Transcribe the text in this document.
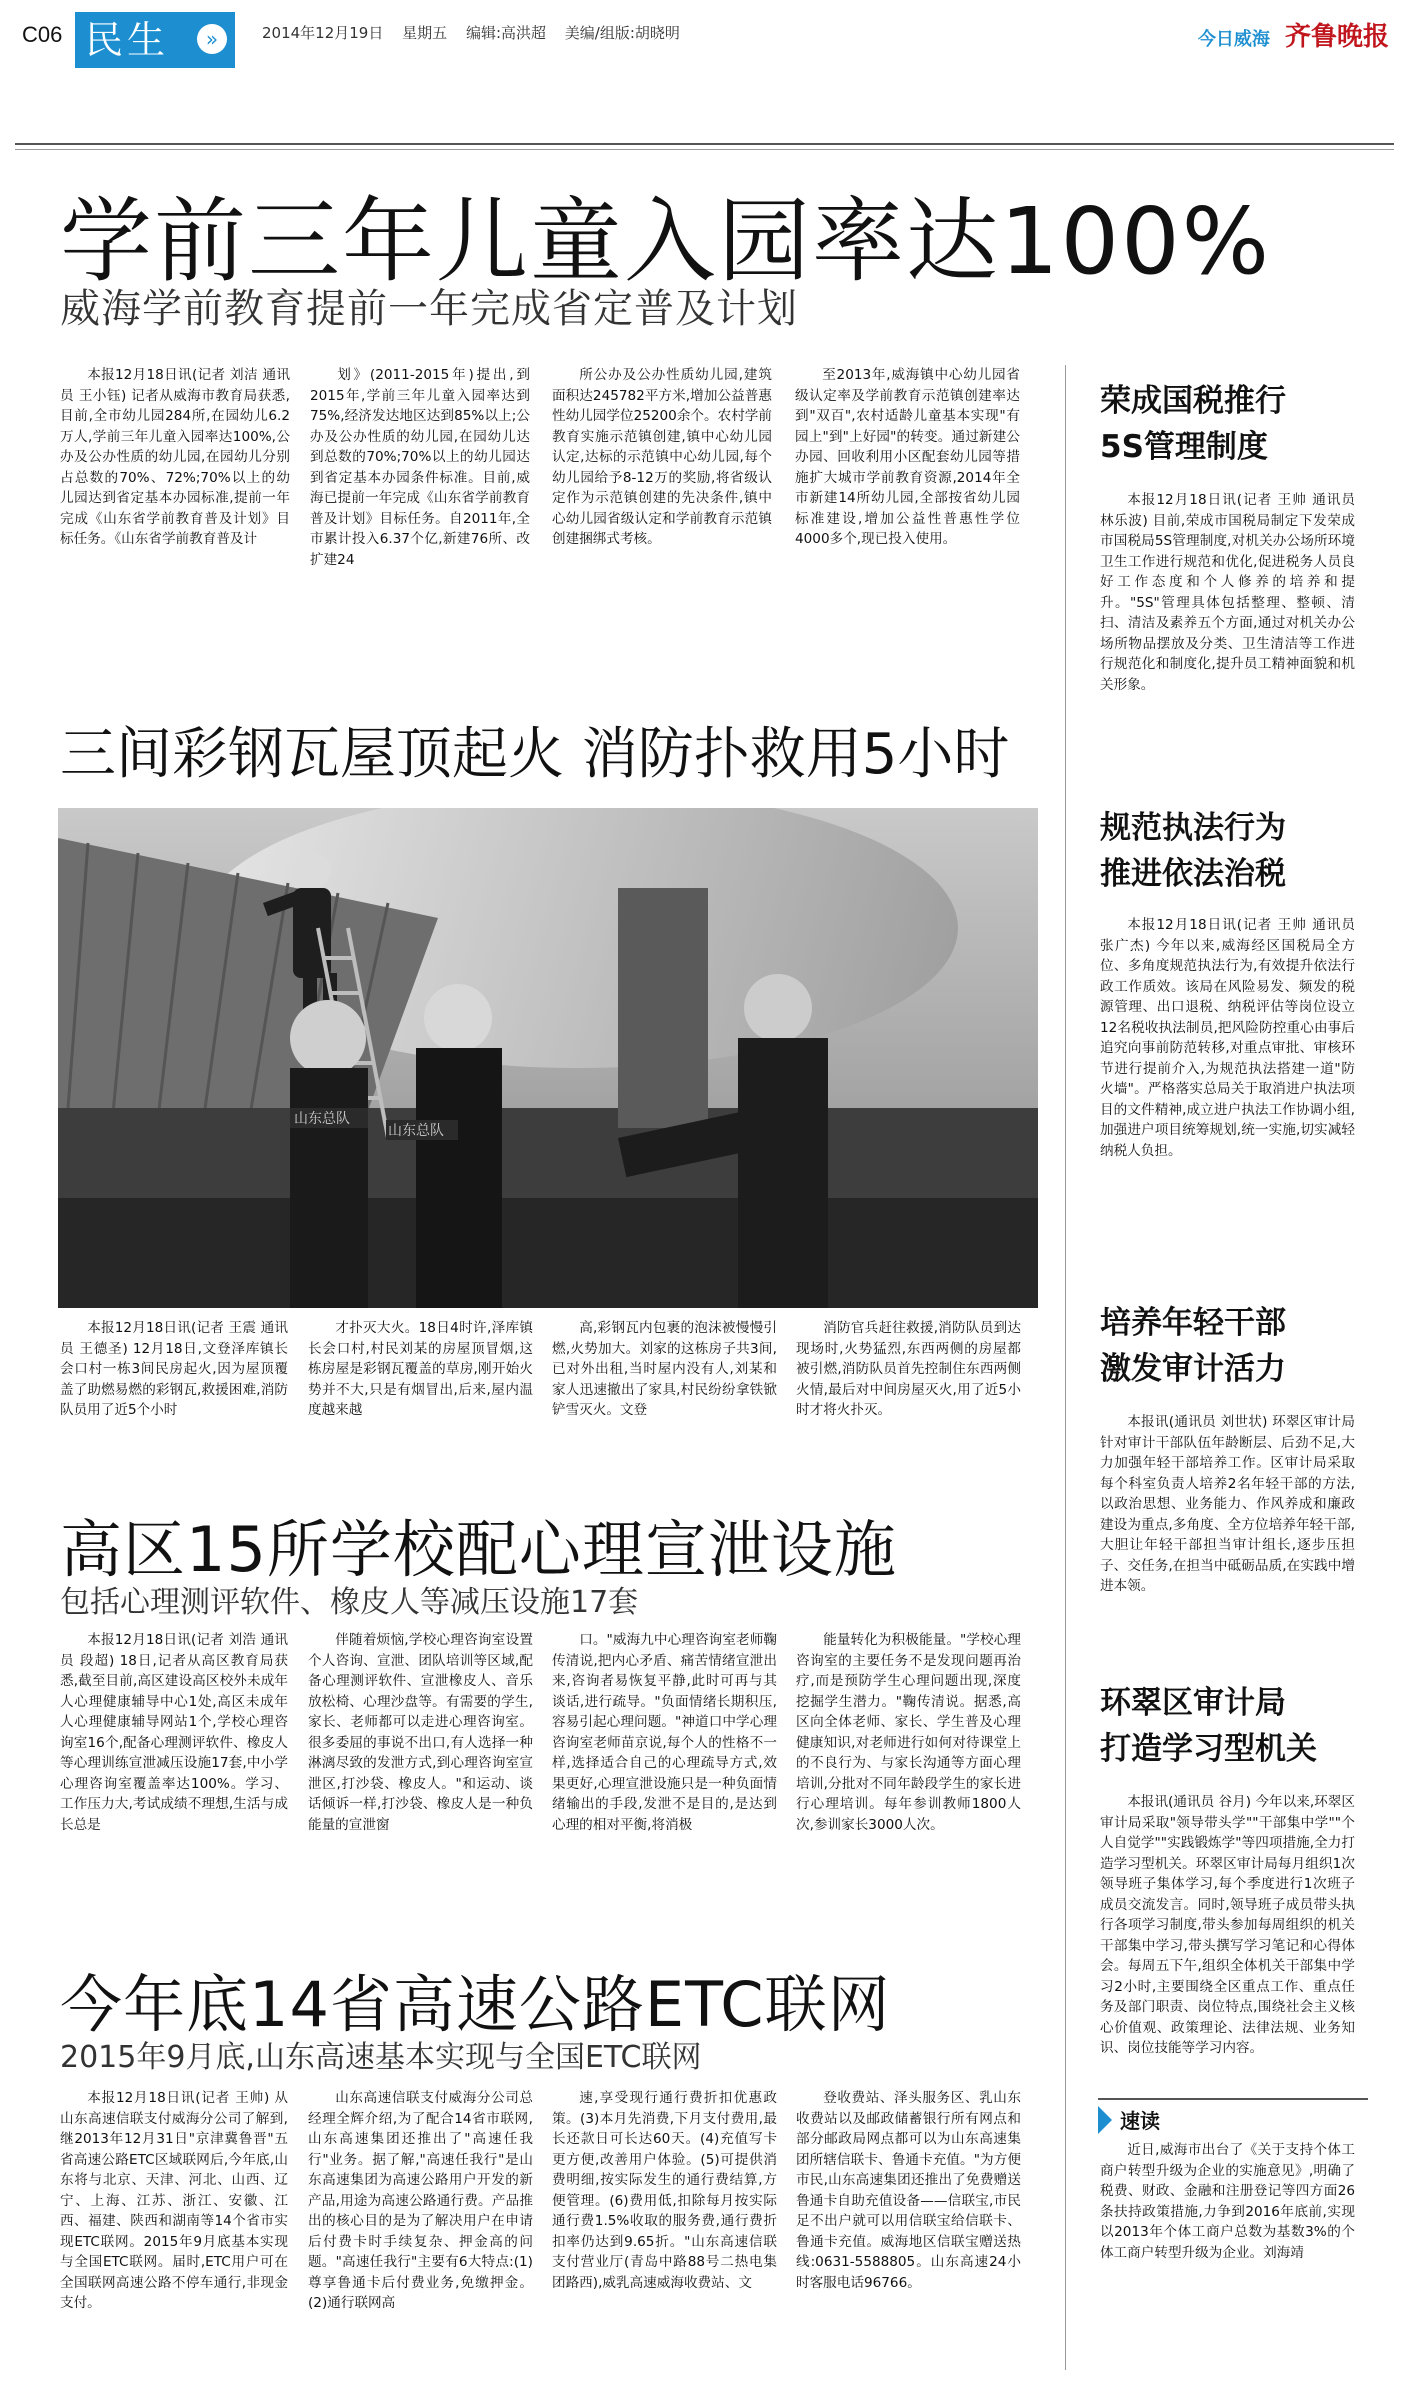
C06 民生	»	2014年12月19日 星期五 编辑:高洪超 美编/组版:胡晓明	今日威海 齐鲁晚报
学前三年儿童入园率达100%
威海学前教育提前一年完成省定普及计划

本报12月18日讯(记者 刘洁 通讯员 王小钰) 记者从威海市教育局获悉,目前,全市幼儿园284所,在园幼儿6.2万人,学前三年儿童入园率达100%,公办及公办性质的幼儿园,在园幼儿分别占总数的70%、72%;70%以上的幼儿园达到省定基本办园标准,提前一年完成《山东省学前教育普及计划》目标任务。《山东省学前教育普及计

划》(2011-2015年)提出,到2015年,学前三年儿童入园率达到75%,经济发达地区达到85%以上;公办及公办性质的幼儿园,在园幼儿达到总数的70%;70%以上的幼儿园达到省定基本办园条件标准。目前,威海已提前一年完成《山东省学前教育普及计划》目标任务。自2011年,全市累计投入6.37个亿,新建76所、改扩建24

所公办及公办性质幼儿园,建筑面积达245782平方米,增加公益普惠性幼儿园学位25200余个。农村学前教育实施示范镇创建,镇中心幼儿园认定,达标的示范镇中心幼儿园,每个幼儿园给予8-12万的奖励,将省级认定作为示范镇创建的先决条件,镇中心幼儿园省级认定和学前教育示范镇创建捆绑式考核。

至2013年,威海镇中心幼儿园省级认定率及学前教育示范镇创建率达到"双百",农村适龄儿童基本实现"有园上"到"上好园"的转变。通过新建公办园、回收利用小区配套幼儿园等措施扩大城市学前教育资源,2014年全市新建14所幼儿园,全部按省幼儿园标准建设,增加公益性普惠性学位4000多个,现已投入使用。

三间彩钢瓦屋顶起火 消防扑救用5小时
山东总队
山东总队

本报12月18日讯(记者 王震 通讯员 王德圣) 12月18日,文登泽库镇长会口村一栋3间民房起火,因为屋顶覆盖了助燃易燃的彩钢瓦,救援困难,消防队员用了近5个小时

才扑灭大火。18日4时许,泽库镇长会口村,村民刘某的房屋顶冒烟,这栋房屋是彩钢瓦覆盖的草房,刚开始火势并不大,只是有烟冒出,后来,屋内温度越来越

高,彩钢瓦内包裹的泡沫被慢慢引燃,火势加大。刘家的这栋房子共3间,已对外出租,当时屋内没有人,刘某和家人迅速撤出了家具,村民纷纷拿铁锨铲雪灭火。文登

消防官兵赶往救援,消防队员到达现场时,火势猛烈,东西两侧的房屋都被引燃,消防队员首先控制住东西两侧火情,最后对中间房屋灭火,用了近5小时才将火扑灭。

高区15所学校配心理宣泄设施
包括心理测评软件、橡皮人等减压设施17套

本报12月18日讯(记者 刘浩 通讯员 段超) 18日,记者从高区教育局获悉,截至目前,高区建设高区校外未成年人心理健康辅导中心1处,高区未成年人心理健康辅导网站1个,学校心理咨询室16个,配备心理测评软件、橡皮人等心理训练宣泄减压设施17套,中小学心理咨询室覆盖率达100%。学习、工作压力大,考试成绩不理想,生活与成长总是

伴随着烦恼,学校心理咨询室设置个人咨询、宣泄、团队培训等区域,配备心理测评软件、宣泄橡皮人、音乐放松椅、心理沙盘等。有需要的学生,家长、老师都可以走进心理咨询室。很多委屈的事说不出口,有人选择一种淋漓尽致的发泄方式,到心理咨询室宣泄区,打沙袋、橡皮人。"和运动、谈话倾诉一样,打沙袋、橡皮人是一种负能量的宣泄窗

口。"威海九中心理咨询室老师鞠传清说,把内心矛盾、痛苦情绪宣泄出来,咨询者易恢复平静,此时可再与其谈话,进行疏导。"负面情绪长期积压,容易引起心理问题。"神道口中学心理咨询室老师苗京说,每个人的性格不一样,选择适合自己的心理疏导方式,效果更好,心理宣泄设施只是一种负面情绪输出的手段,发泄不是目的,是达到心理的相对平衡,将消极

能量转化为积极能量。"学校心理咨询室的主要任务不是发现问题再治疗,而是预防学生心理问题出现,深度挖掘学生潜力。"鞠传清说。据悉,高区向全体老师、家长、学生普及心理健康知识,对老师进行如何对待课堂上的不良行为、与家长沟通等方面心理培训,分批对不同年龄段学生的家长进行心理培训。每年参训教师1800人次,参训家长3000人次。

今年底14省高速公路ETC联网
2015年9月底,山东高速基本实现与全国ETC联网

本报12月18日讯(记者 王帅) 从山东高速信联支付威海分公司了解到,继2013年12月31日"京津冀鲁晋"五省高速公路ETC区域联网后,今年底,山东将与北京、天津、河北、山西、辽宁、上海、江苏、浙江、安徽、江西、福建、陕西和湖南等14个省市实现ETC联网。2015年9月底基本实现与全国ETC联网。届时,ETC用户可在全国联网高速公路不停车通行,非现金支付。

山东高速信联支付威海分公司总经理全辉介绍,为了配合14省市联网,山东高速集团还推出了"高速任我行"业务。据了解,"高速任我行"是山东高速集团为高速公路用户开发的新产品,用途为高速公路通行费。产品推出的核心目的是为了解决用户在申请后付费卡时手续复杂、押金高的问题。"高速任我行"主要有6大特点:(1)尊享鲁通卡后付费业务,免缴押金。(2)通行联网高

速,享受现行通行费折扣优惠政策。(3)本月先消费,下月支付费用,最长还款日可长达60天。(4)充值写卡更方便,改善用户体验。(5)可提供消费明细,按实际发生的通行费结算,方便管理。(6)费用低,扣除每月按实际通行费1.5%收取的服务费,通行费折扣率仍达到9.65折。"山东高速信联支付营业厅(青岛中路88号二热电集团路西),威乳高速威海收费站、文

登收费站、泽头服务区、乳山东收费站以及邮政储蓄银行所有网点和部分邮政局网点都可以为山东高速集团所辖信联卡、鲁通卡充值。"为方便市民,山东高速集团还推出了免费赠送鲁通卡自助充值设备——信联宝,市民足不出户就可以用信联宝给信联卡、鲁通卡充值。威海地区信联宝赠送热线:0631-5588805。山东高速24小时客服电话96766。

荣成国税推行
5S管理制度

本报12月18日讯(记者 王帅 通讯员 林乐波) 目前,荣成市国税局制定下发荣成市国税局5S管理制度,对机关办公场所环境卫生工作进行规范和优化,促进税务人员良好工作态度和个人修养的培养和提升。"5S"管理具体包括整理、整顿、清扫、清洁及素养五个方面,通过对机关办公场所物品摆放及分类、卫生清洁等工作进行规范化和制度化,提升员工精神面貌和机关形象。

规范执法行为
推进依法治税

本报12月18日讯(记者 王帅 通讯员 张广杰) 今年以来,威海经区国税局全方位、多角度规范执法行为,有效提升依法行政工作质效。该局在风险易发、频发的税源管理、出口退税、纳税评估等岗位设立12名税收执法制员,把风险防控重心由事后追究向事前防范转移,对重点审批、审核环节进行提前介入,为规范执法搭建一道"防火墙"。严格落实总局关于取消进户执法项目的文件精神,成立进户执法工作协调小组,加强进户项目统筹规划,统一实施,切实减轻纳税人负担。

培养年轻干部
激发审计活力

本报讯(通讯员 刘世状) 环翠区审计局针对审计干部队伍年龄断层、后劲不足,大力加强年轻干部培养工作。区审计局采取每个科室负责人培养2名年轻干部的方法,以政治思想、业务能力、作风养成和廉政建设为重点,多角度、全方位培养年轻干部,大胆让年轻干部担当审计组长,逐步压担子、交任务,在担当中砥砺品质,在实践中增进本领。

环翠区审计局
打造学习型机关

本报讯(通讯员 谷月) 今年以来,环翠区审计局采取"领导带头学""干部集中学""个人自觉学""实践锻炼学"等四项措施,全力打造学习型机关。环翠区审计局每月组织1次领导班子集体学习,每个季度进行1次班子成员交流发言。同时,领导班子成员带头执行各项学习制度,带头参加每周组织的机关干部集中学习,带头撰写学习笔记和心得体会。每周五下午,组织全体机关干部集中学习2小时,主要围绕全区重点工作、重点任务及部门职责、岗位特点,围绕社会主义核心价值观、政策理论、法律法规、业务知识、岗位技能等学习内容。

速读

近日,威海市出台了《关于支持个体工商户转型升级为企业的实施意见》,明确了税费、财政、金融和注册登记等四方面26条扶持政策措施,力争到2016年底前,实现以2013年个体工商户总数为基数3%的个体工商户转型升级为企业。刘海靖
